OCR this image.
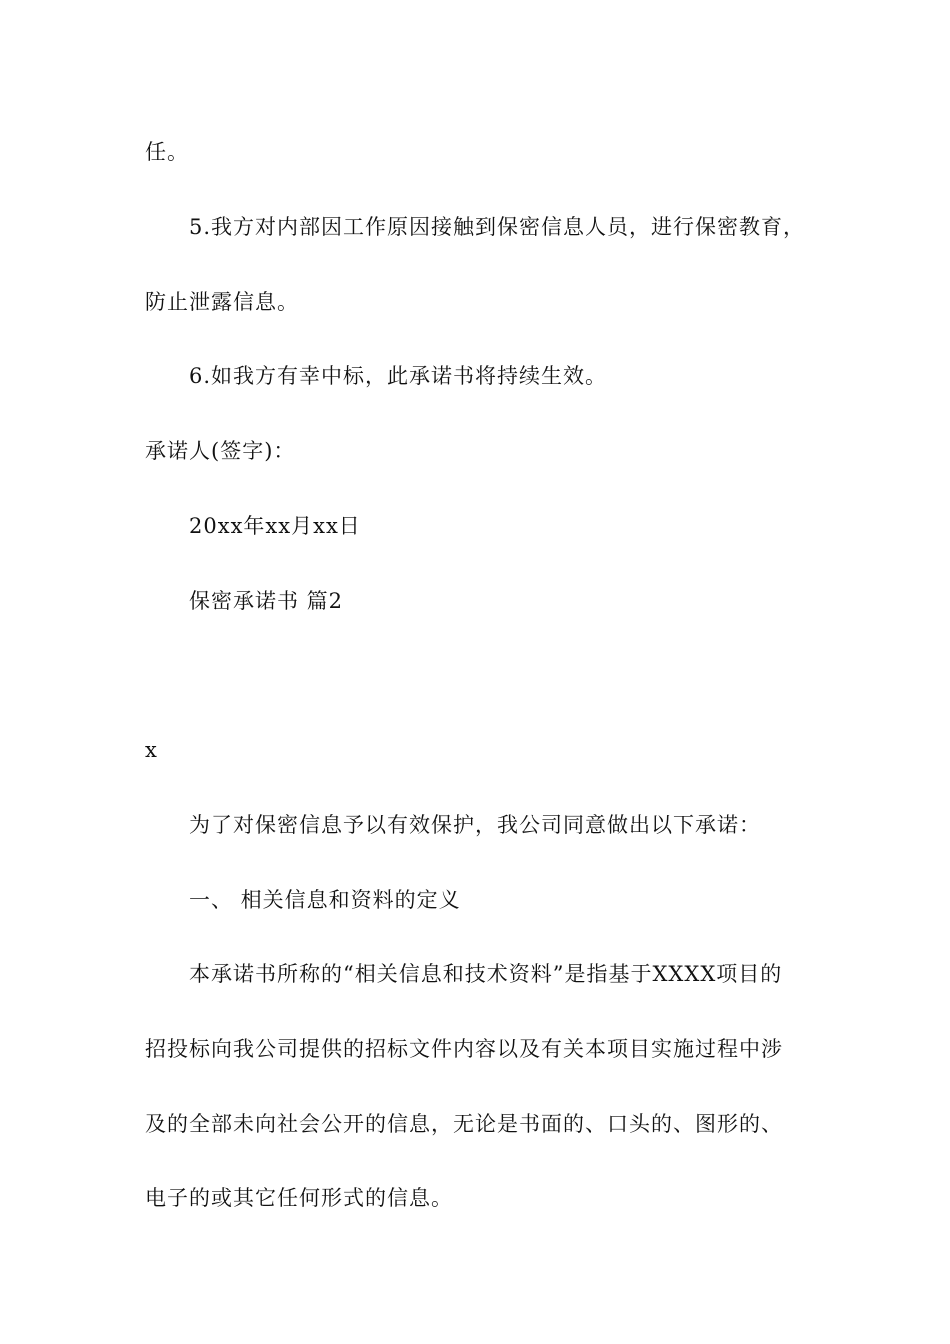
任。
5.我方对内部因工作原因接触到保密信息人员，进行保密教育，
防止泄露信息。
6.如我方有幸中标，此承诺书将持续生效。
承诺人(签字)：
20xx年xx月xx日
保密承诺书 篇2
x
为了对保密信息予以有效保护，我公司同意做出以下承诺：
一、 相关信息和资料的定义
本承诺书所称的“相关信息和技术资料”是指基于XXXX项目的
招投标向我公司提供的招标文件内容以及有关本项目实施过程中涉
及的全部未向社会公开的信息，无论是书面的、口头的、图形的、
电子的或其它任何形式的信息。
